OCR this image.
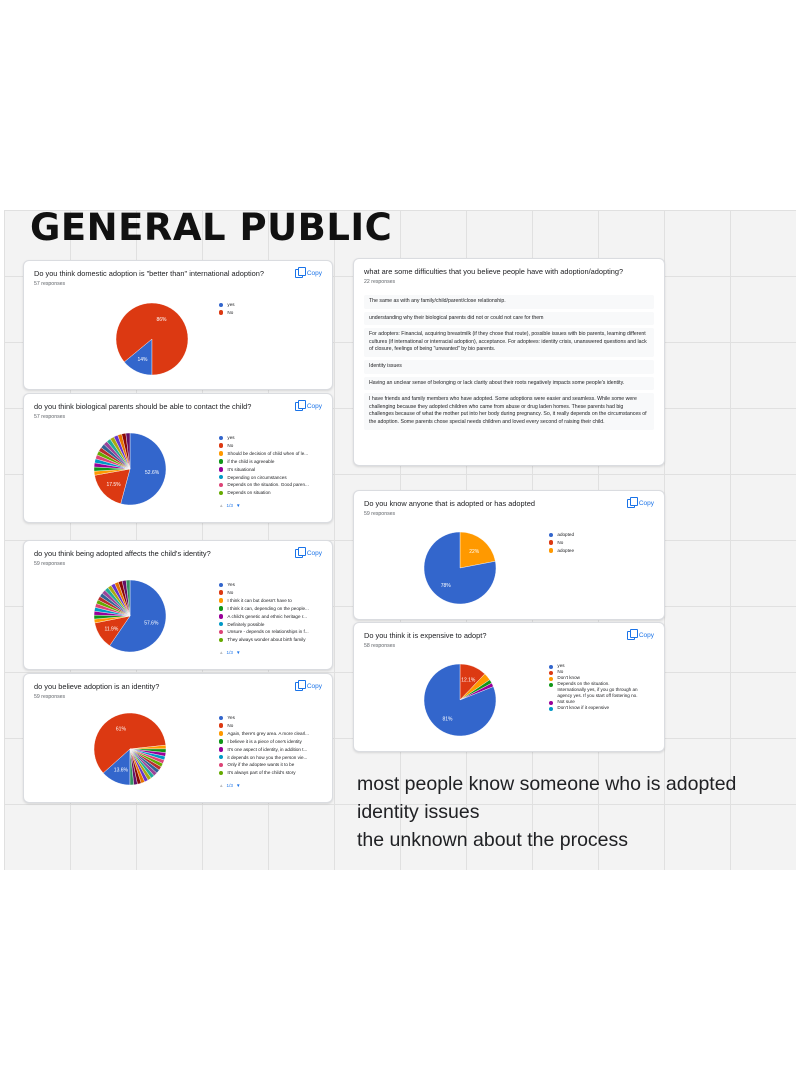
GENERAL PUBLIC
Do you think domestic adoption is "better than" international adoption?
57 responses
Copy
14%
86%
yes
No
do you think biological parents should be able to contact the child?
57 responses
Copy
52.6%
17.5%
yes
No
Should be decision of child when of le...
if the child is agreeable
It's situational
Depending on circumstances
Depends on the situation. Good paren...
Depends on situation
▲ 1/3 ▼
do you think being adopted affects the child's identity?
59 responses
Copy
57.6%
11.9%
Yes
No
I think it can but doesn't have to
I think it can, depending on the people...
A child's genetic and ethnic heritage r...
Definitely possible
Unsure - depends on relationships in f...
They always wonder about birth family
▲ 1/3 ▼
do you believe adoption is an identity?
59 responses
Copy
13.6%
61%
Yes
No
Again, there's grey area. A more clearl...
I believe it is a piece of one's identity
It's one aspect of identity, in addition t...
it depends on how you the person vie...
Only if the adoptee wants it to be
It's always part of the child's story
▲ 1/3 ▼
Do you know anyone that is adopted or has adopted
59 responses
Copy
22%
78%
adopted
No
adoptee
Do you think it is expensive to adopt?
58 responses
Copy
12.1%
81%
yes
No
Don't know
Depends on the situation. Internationally yes, if you go through an agency yes. If you start off fostering no.
Not sure
Don't know if it expensive
what are some difficulties that you believe people have with adoption/adopting?
22 responses
The same as with any family/child/parent/close relationship.
understanding why their biological parents did not or could not care for them
For adopters: Financial, acquiring breastmilk (if they chose that route), possible issues with bio parents, learning different cultures (if international or interracial adoption), acceptance. For adoptees: identity crisis, unanswered questions and lack of closure, feelings of being "unwanted" by bio parents.
Identity issues
Having an unclear sense of belonging or lack clarity about their roots negatively impacts some people's identity.
I have friends and family members who have adopted. Some adoptions were easier and seamless. While some were challenging because they adopted children who came from abuse or drug laden homes. These parents had big challenges because of what the mother put into her body during pregnancy. So, it really depends on the circumstances of the adoption. Some parents chose special needs children and loved every second of raising their child.
most people know someone who is adopted
identity issues
the unknown about the process
